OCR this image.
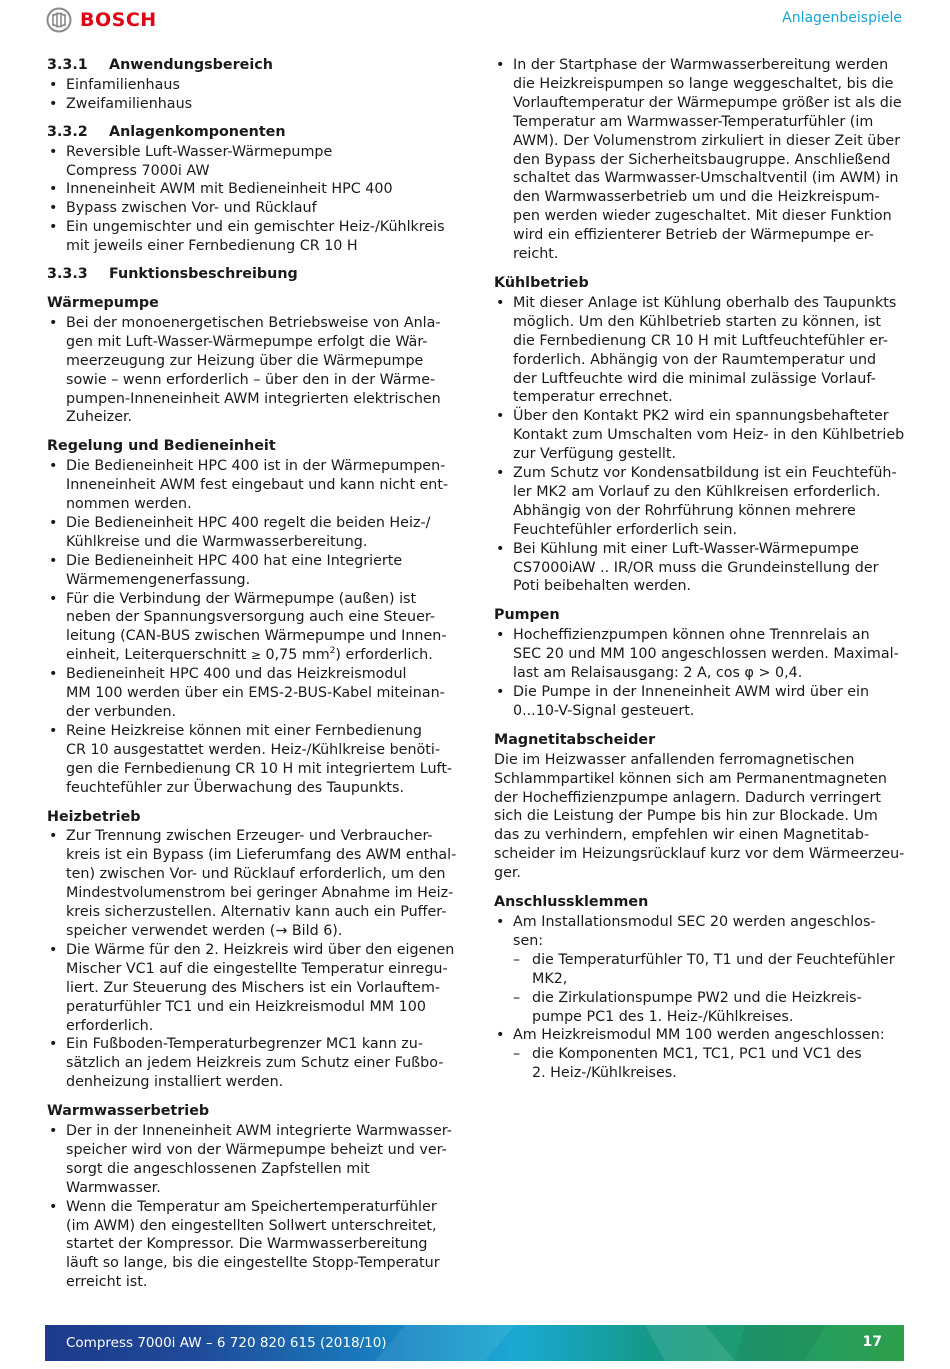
BOSCH	Anlagenbeispiele
3.3.1 Anwendungsbereich
• Einfamilienhaus
• Zweifamilienhaus
3.3.2 Anlagenkomponenten
• Reversible Luft-Wasser-Wärmepumpe
Compress 7000i AW
• Inneneinheit AWM mit Bedieneinheit HPC 400
• Bypass zwischen Vor- und Rücklauf
• Ein ungemischter und ein gemischter Heiz-/Kühlkreis
mit jeweils einer Fernbedienung CR 10 H
3.3.3 Funktionsbeschreibung
Wärmepumpe
• Bei der monoenergetischen Betriebsweise von Anla-
gen mit Luft-Wasser-Wärmepumpe erfolgt die Wär-
meerzeugung zur Heizung über die Wärmepumpe
sowie – wenn erforderlich – über den in der Wärme-
pumpen-Inneneinheit AWM integrierten elektrischen
Zuheizer.
Regelung und Bedieneinheit
• Die Bedieneinheit HPC 400 ist in der Wärmepumpen-
Inneneinheit AWM fest eingebaut und kann nicht ent-
nommen werden.
• Die Bedieneinheit HPC 400 regelt die beiden Heiz-/
Kühlkreise und die Warmwasserbereitung.
• Die Bedieneinheit HPC 400 hat eine Integrierte
Wärmemengenerfassung.
• Für die Verbindung der Wärmepumpe (außen) ist
neben der Spannungsversorgung auch eine Steuer-
leitung (CAN-BUS zwischen Wärmepumpe und Innen-
einheit, Leiterquerschnitt ≥ 0,75 $mm^2$) erforderlich.
• Bedieneinheit HPC 400 und das Heizkreismodul
MM 100 werden über ein EMS-2-BUS-Kabel miteinan-
der verbunden.
• Reine Heizkreise können mit einer Fernbedienung
CR 10 ausgestattet werden. Heiz-/Kühlkreise benöti-
gen die Fernbedienung CR 10 H mit integriertem Luft-
feuchtefühler zur Überwachung des Taupunkts.
Heizbetrieb
• Zur Trennung zwischen Erzeuger- und Verbraucher-
kreis ist ein Bypass (im Lieferumfang des AWM enthal-
ten) zwischen Vor- und Rücklauf erforderlich, um den
Mindestvolumenstrom bei geringer Abnahme im Heiz-
kreis sicherzustellen. Alternativ kann auch ein Puffer-
speicher verwendet werden (→ Bild 6).
• Die Wärme für den 2. Heizkreis wird über den eigenen
Mischer VC1 auf die eingestellte Temperatur einregu-
liert. Zur Steuerung des Mischers ist ein Vorlauftem-
peraturfühler TC1 und ein Heizkreismodul MM 100
erforderlich.
• Ein Fußboden-Temperaturbegrenzer MC1 kann zu-
sätzlich an jedem Heizkreis zum Schutz einer Fußbo-
denheizung installiert werden.
Warmwasserbetrieb
• Der in der Inneneinheit AWM integrierte Warmwasser-
speicher wird von der Wärmepumpe beheizt und ver-
sorgt die angeschlossenen Zapfstellen mit
Warmwasser.
• Wenn die Temperatur am Speichertemperaturfühler
(im AWM) den eingestellten Sollwert unterschreitet,
startet der Kompressor. Die Warmwasserbereitung
läuft so lange, bis die eingestellte Stopp-Temperatur
erreicht ist.
• In der Startphase der Warmwasserbereitung werden
die Heizkreispumpen so lange weggeschaltet, bis die
Vorlauftemperatur der Wärmepumpe größer ist als die
Temperatur am Warmwasser-Temperaturfühler (im
AWM). Der Volumenstrom zirkuliert in dieser Zeit über
den Bypass der Sicherheitsbaugruppe. Anschließend
schaltet das Warmwasser-Umschaltventil (im AWM) in
den Warmwasserbetrieb um und die Heizkreispum-
pen werden wieder zugeschaltet. Mit dieser Funktion
wird ein effizienterer Betrieb der Wärmepumpe er-
reicht.
Kühlbetrieb
• Mit dieser Anlage ist Kühlung oberhalb des Taupunkts
möglich. Um den Kühlbetrieb starten zu können, ist
die Fernbedienung CR 10 H mit Luftfeuchtefühler er-
forderlich. Abhängig von der Raumtemperatur und
der Luftfeuchte wird die minimal zulässige Vorlauf-
temperatur errechnet.
• Über den Kontakt PK2 wird ein spannungsbehafteter
Kontakt zum Umschalten vom Heiz- in den Kühlbetrieb
zur Verfügung gestellt.
• Zum Schutz vor Kondensatbildung ist ein Feuchtefüh-
ler MK2 am Vorlauf zu den Kühlkreisen erforderlich.
Abhängig von der Rohrführung können mehrere
Feuchtefühler erforderlich sein.
• Bei Kühlung mit einer Luft-Wasser-Wärmepumpe
CS7000iAW .. IR/OR muss die Grundeinstellung der
Poti beibehalten werden.
Pumpen
• Hocheffizienzpumpen können ohne Trennrelais an
SEC 20 und MM 100 angeschlossen werden. Maximal-
last am Relaisausgang: 2 A, cos φ > 0,4.
• Die Pumpe in der Inneneinheit AWM wird über ein
0...10-V-Signal gesteuert.
Magnetitabscheider

Die im Heizwasser anfallenden ferromagnetischen
Schlammpartikel können sich am Permanentmagneten
der Hocheffizienzpumpe anlagern. Dadurch verringert
sich die Leistung der Pumpe bis hin zur Blockade. Um
das zu verhindern, empfehlen wir einen Magnetitab-
scheider im Heizungsrücklauf kurz vor dem Wärmeerzeu-
ger.

Anschlussklemmen
• Am Installationsmodul SEC 20 werden angeschlos-
sen:
– die Temperaturfühler T0, T1 und der Feuchtefühler
MK2,
– die Zirkulationspumpe PW2 und die Heizkreis-
pumpe PC1 des 1. Heiz-/Kühlkreises.
• Am Heizkreismodul MM 100 werden angeschlossen:
– die Komponenten MC1, TC1, PC1 und VC1 des
2. Heiz-/Kühlkreises.
Compress 7000i AW – 6 720 820 615 (2018/10)	17
